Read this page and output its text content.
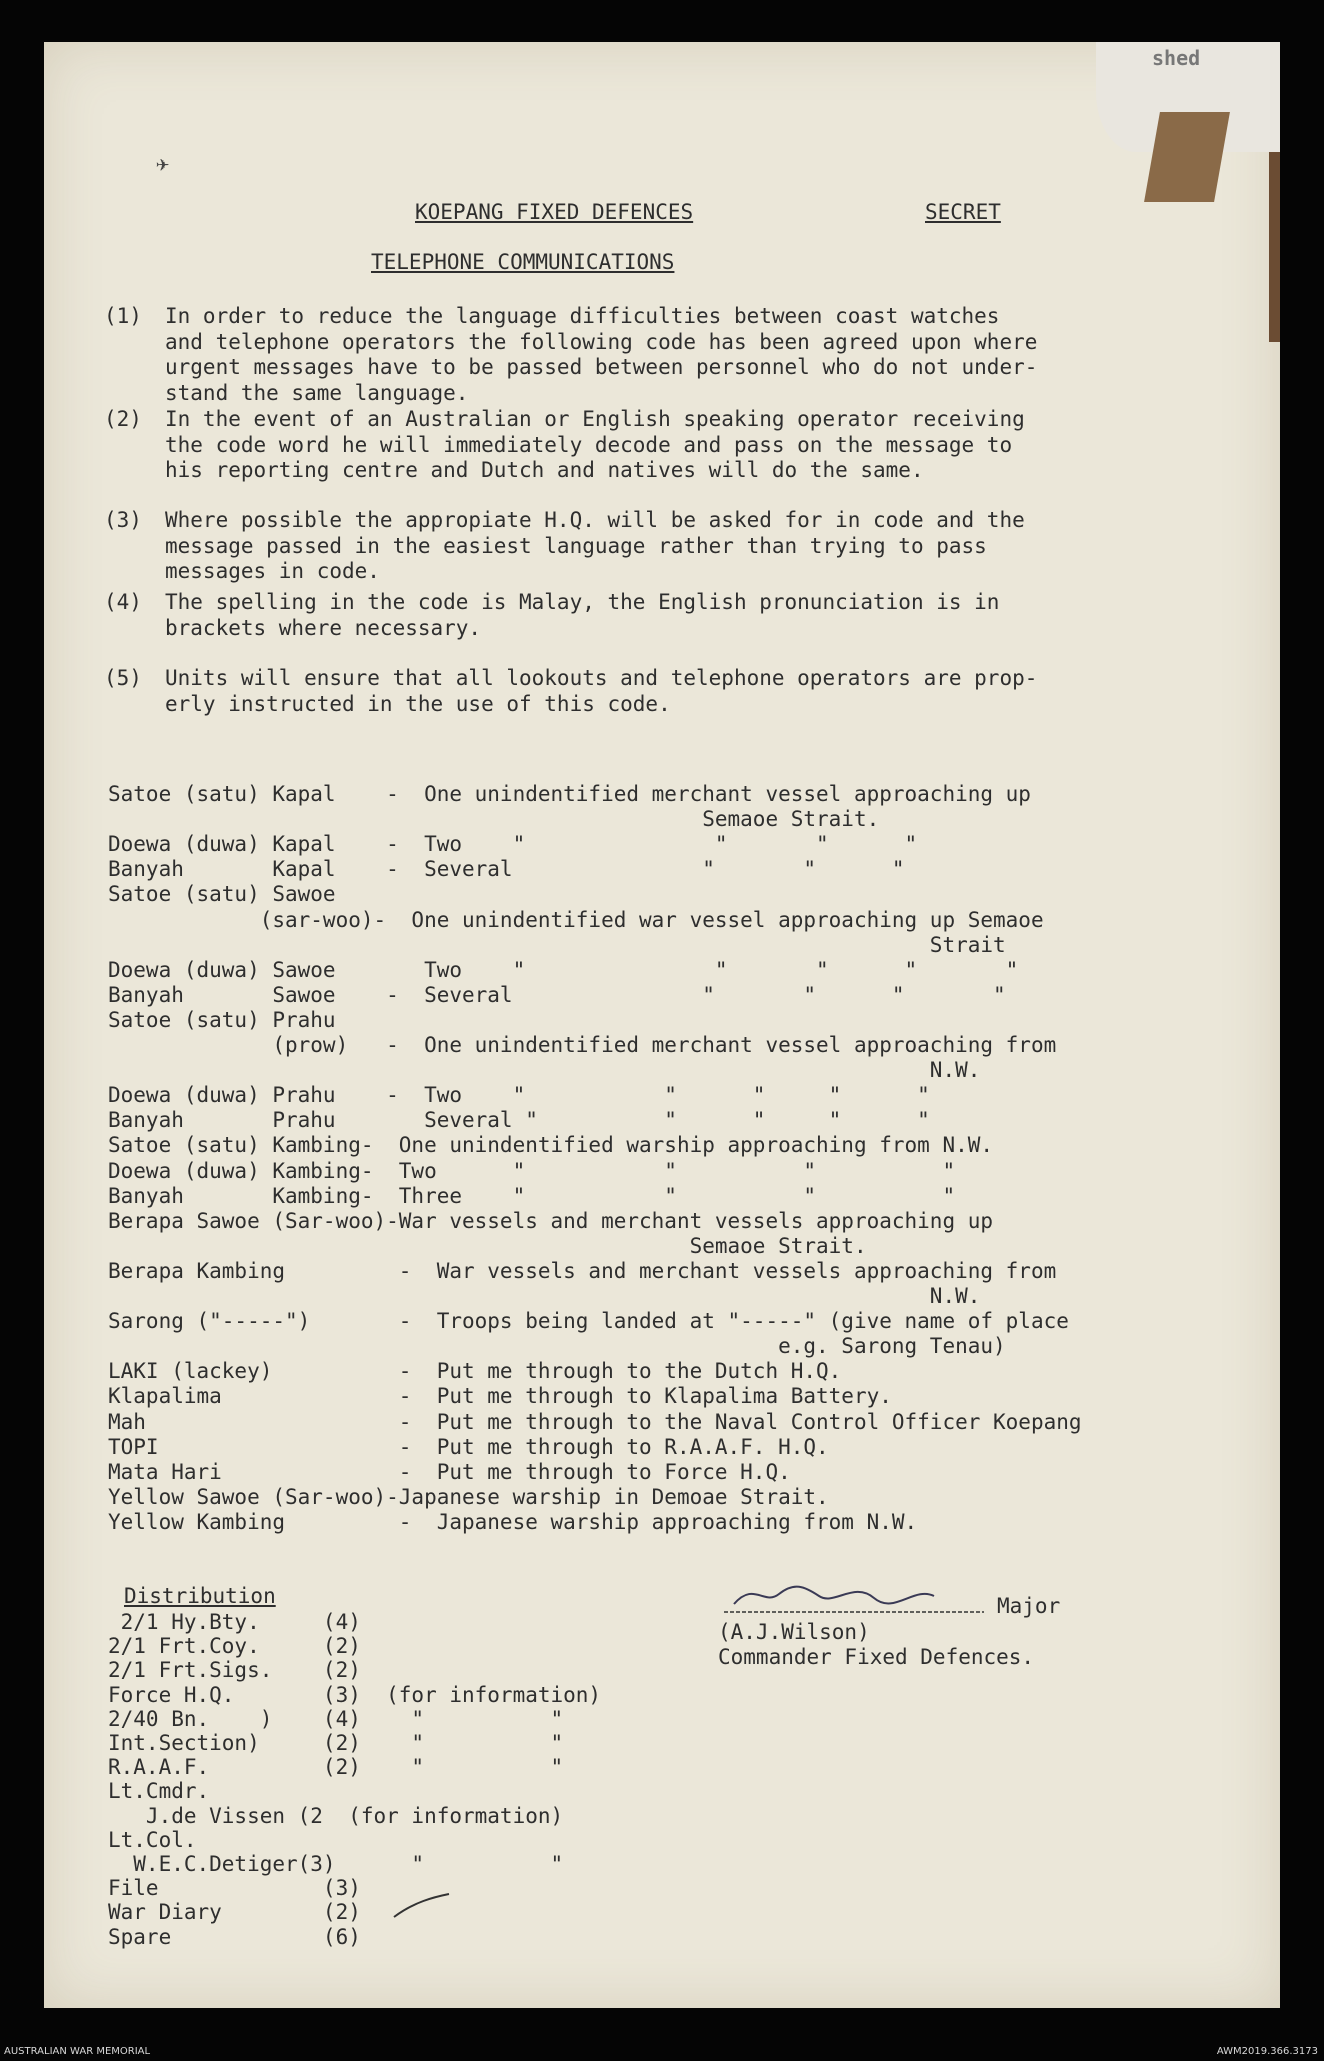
shed
✈
KOEPANG FIXED DEFENCES	SECRET
TELEPHONE COMMUNICATIONS
(1) In order to reduce the language difficulties between coast watches
and telephone operators the following code has been agreed upon where
urgent messages have to be passed between personnel who do not under-
stand the same language.
(2) In the event of an Australian or English speaking operator receiving
the code word he will immediately decode and pass on the message to
his reporting centre and Dutch and natives will do the same.
(3) Where possible the appropiate H.Q. will be asked for in code and the
message passed in the easiest language rather than trying to pass
messages in code.
(4) The spelling in the code is Malay, the English pronunciation is in
brackets where necessary.
(5) Units will ensure that all lookouts and telephone operators are prop-
erly instructed in the use of this code.
Satoe (satu) Kapal    -  One unindentified merchant vessel approaching up
Semaoe Strait.
Doewa (duwa) Kapal    -  Two    "               "       "      "
Banyah       Kapal    -  Several               "       "      "
Satoe (satu) Sawoe
(sar-woo)-  One unindentified war vessel approaching up Semaoe
Strait
Doewa (duwa) Sawoe       Two    "               "       "      "       "
Banyah       Sawoe    -  Several               "       "      "       "
Satoe (satu) Prahu
(prow)   -  One unindentified merchant vessel approaching from
N.W.
Doewa (duwa) Prahu    -  Two    "           "      "     "      "
Banyah       Prahu       Several "          "      "     "      "
Satoe (satu) Kambing-  One unindentified warship approaching from N.W.
Doewa (duwa) Kambing-  Two      "           "          "          "
Banyah       Kambing-  Three    "           "          "          "
Berapa Sawoe (Sar-woo)-War vessels and merchant vessels approaching up
Semaoe Strait.
Berapa Kambing         -  War vessels and merchant vessels approaching from
N.W.
Sarong ("-----")       -  Troops being landed at "-----" (give name of place
e.g. Sarong Tenau)
LAKI (lackey)          -  Put me through to the Dutch H.Q.
Klapalima              -  Put me through to Klapalima Battery.
Mah                    -  Put me through to the Naval Control Officer Koepang
TOPI                   -  Put me through to R.A.A.F. H.Q.
Mata Hari              -  Put me through to Force H.Q.
Yellow Sawoe (Sar-woo)-Japanese warship in Demoae Strait.
Yellow Kambing         -  Japanese warship approaching from N.W.
Distribution
2/1 Hy.Bty.     (4)
2/1 Frt.Coy.     (2)
2/1 Frt.Sigs.    (2)
Force H.Q.       (3)  (for information)
2/40 Bn.    )    (4)    "          "
Int.Section)     (2)    "          "
R.A.A.F.         (2)    "          "
Lt.Cmdr.
J.de Vissen (2  (for information)
Lt.Col.
W.E.C.Detiger(3)      "          "
File             (3)
War Diary        (2)
Spare            (6)
Major
(A.J.Wilson)
Commander Fixed Defences.
AUSTRALIAN WAR MEMORIAL	AWM2019.366.3173
